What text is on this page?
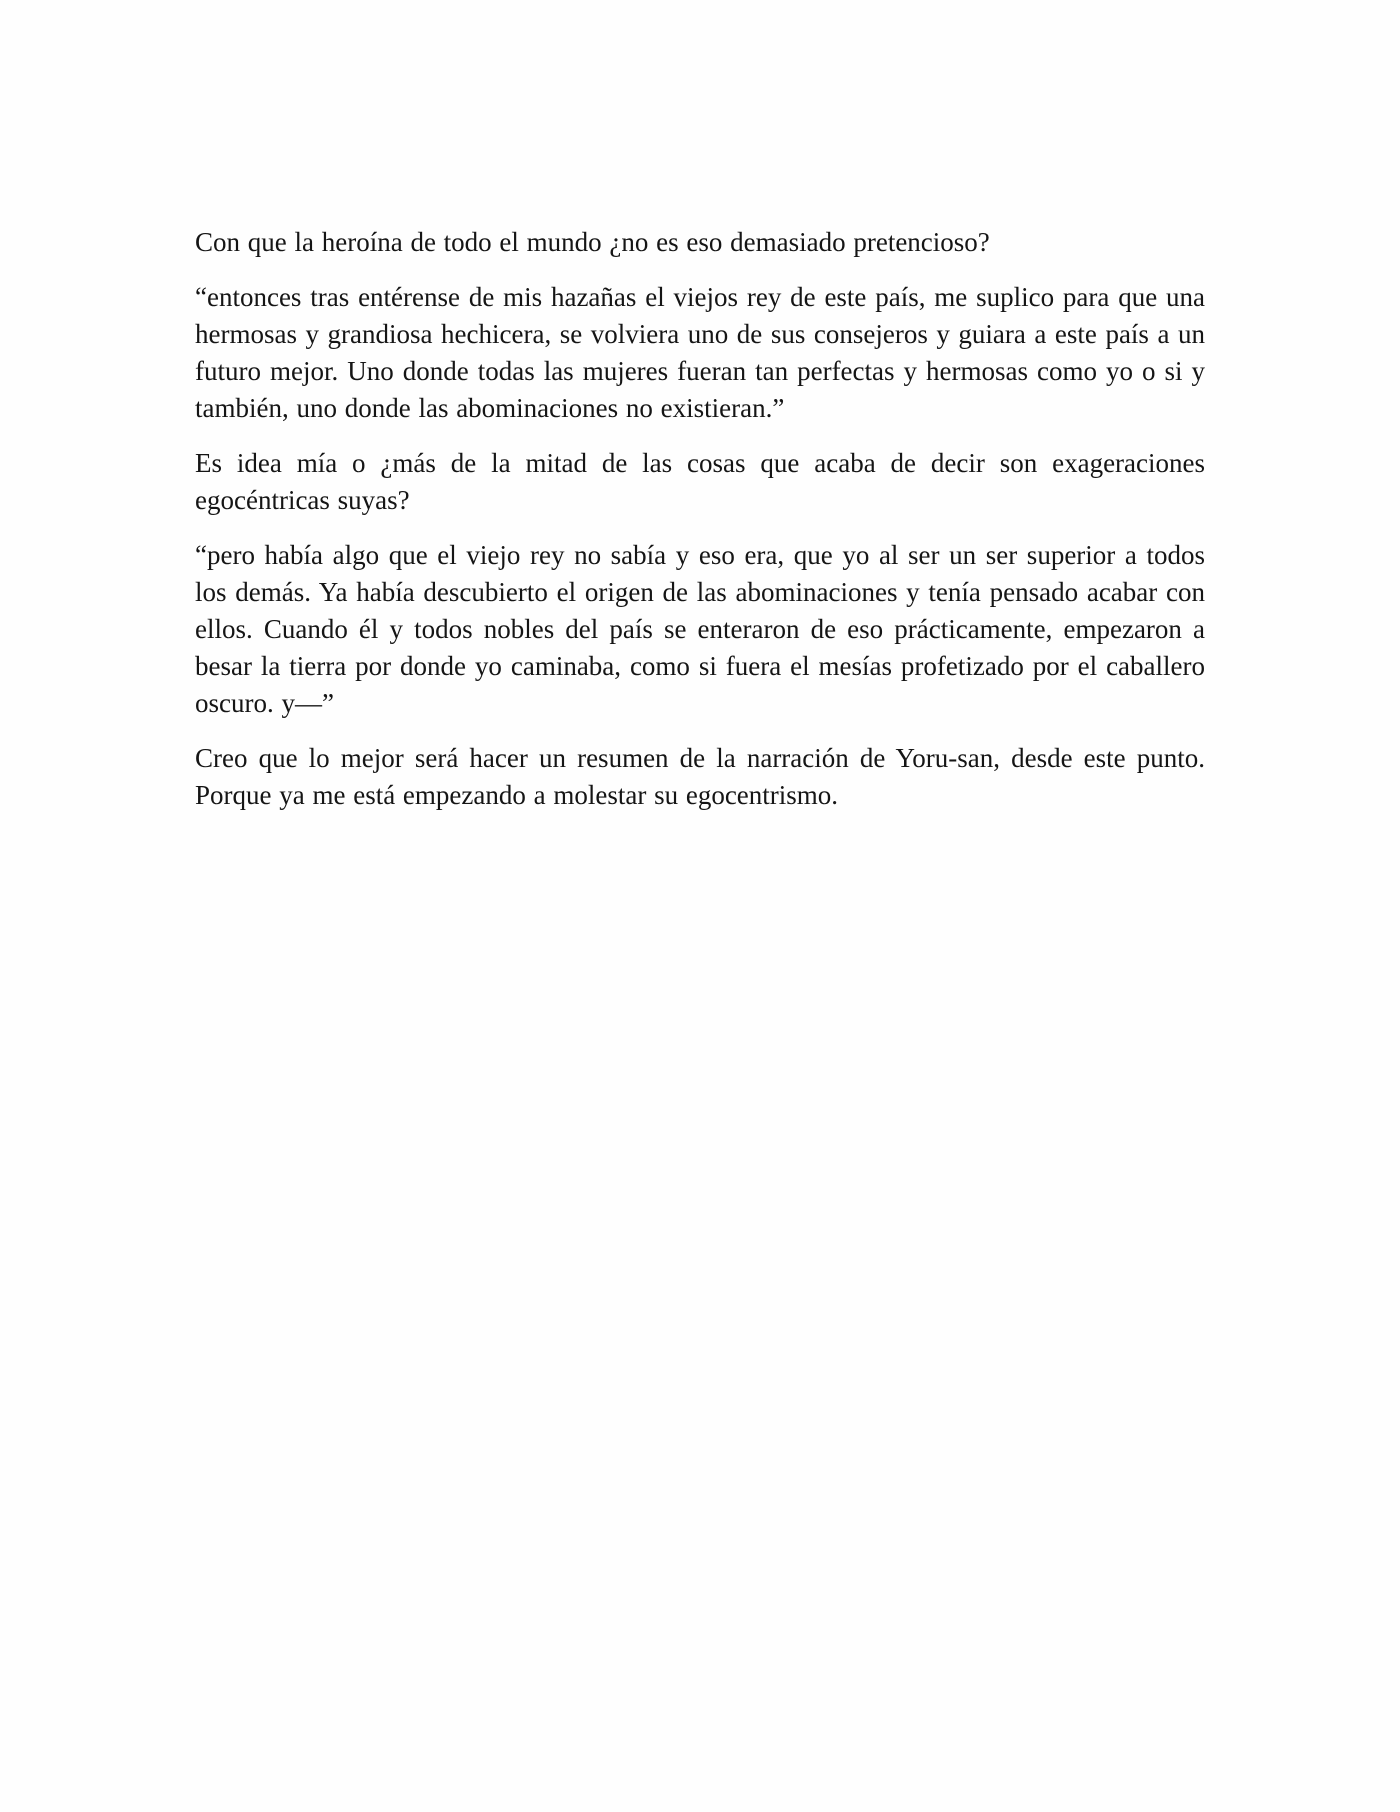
Con que la heroína de todo el mundo ¿no es eso demasiado pretencioso?

“entonces tras entérense de mis hazañas el viejos rey de este país, me suplico para que una hermosas y grandiosa hechicera, se volviera uno de sus consejeros y guiara a este país a un futuro mejor. Uno donde todas las mujeres fueran tan perfectas y hermosas como yo o si y también, uno donde las abominaciones no existieran.”

Es idea mía o ¿más de la mitad de las cosas que acaba de decir son exageraciones egocéntricas suyas?

“pero había algo que el viejo rey no sabía y eso era, que yo al ser un ser superior a todos los demás. Ya había descubierto el origen de las abominaciones y tenía pensado acabar con ellos. Cuando él y todos nobles del país se enteraron de eso prácticamente, empezaron a besar la tierra por donde yo caminaba, como si fuera el mesías profetizado por el caballero oscuro. y—”

Creo que lo mejor será hacer un resumen de la narración de Yoru-san, desde este punto. Porque ya me está empezando a molestar su egocentrismo.
